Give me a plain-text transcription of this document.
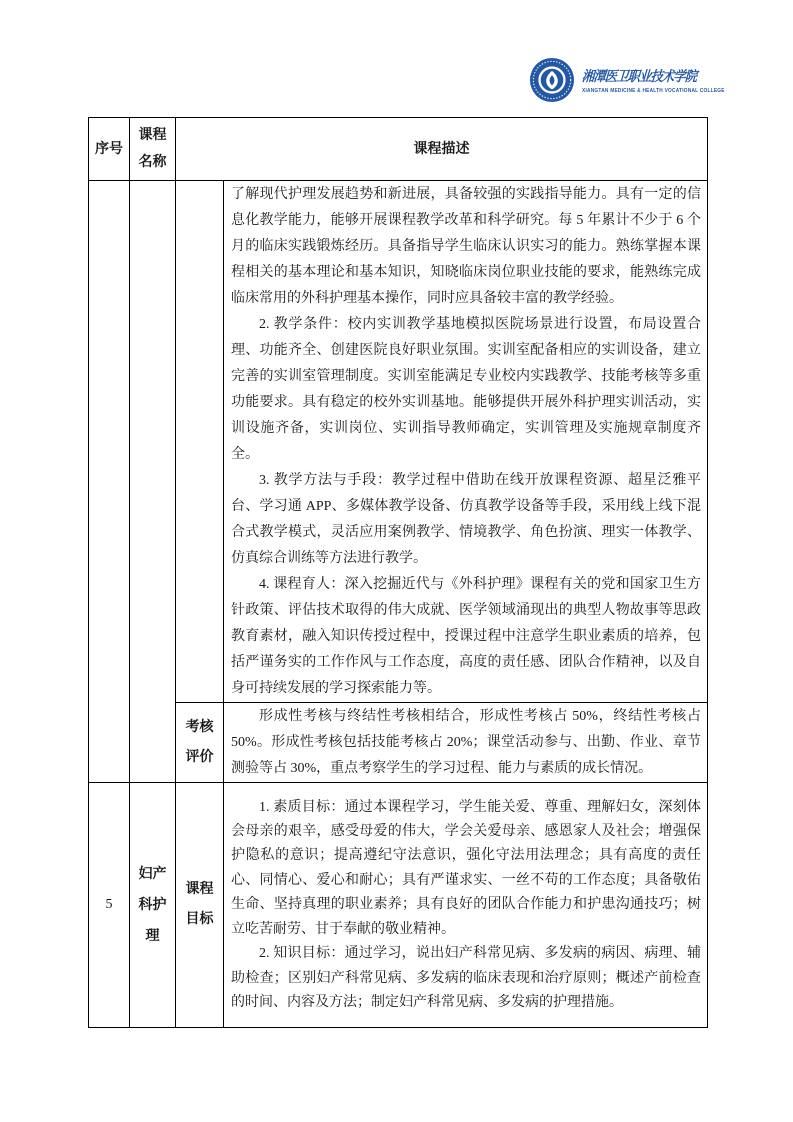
湘潭医卫职业技术学院
XIANGTAN MEDICINE & HEALTH VOCATIONAL COLLEGE
序号	课程名称	课程描述	

			了解现代护理发展趋势和新进展，具备较强的实践指导能力。具有一定的信息化教学能力，能够开展课程教学改革和科学研究。每 5 年累计不少于 6 个月的临床实践锻炼经历。具备指导学生临床认识实习的能力。熟练掌握本课程相关的基本理论和基本知识，知晓临床岗位职业技能的要求，能熟练完成临床常用的外科护理基本操作，同时应具备较丰富的教学经验。

2. 教学条件：校内实训教学基地模拟医院场景进行设置，布局设置合理、功能齐全、创建医院良好职业氛围。实训室配备相应的实训设备，建立完善的实训室管理制度。实训室能满足专业校内实践教学、技能考核等多重功能要求。具有稳定的校外实训基地。能够提供开展外科护理实训活动，实训设施齐备，实训岗位、实训指导教师确定，实训管理及实施规章制度齐全。

3. 教学方法与手段：教学过程中借助在线开放课程资源、超星泛雅平台、学习通 APP、多媒体教学设备、仿真教学设备等手段，采用线上线下混合式教学模式，灵活应用案例教学、情境教学、角色扮演、理实一体教学、仿真综合训练等方法进行教学。

4. 课程育人：深入挖掘近代与《外科护理》课程有关的党和国家卫生方针政策、评估技术取得的伟大成就、医学领域涌现出的典型人物故事等思政教育素材，融入知识传授过程中，授课过程中注意学生职业素质的培养，包括严谨务实的工作作风与工作态度，高度的责任感、团队合作精神，以及自身可持续发展的学习探索能力等。

		考核评价	形成性考核与终结性考核相结合，形成性考核占 50%，终结性考核占 50%。形成性考核包括技能考核占 20%；课堂活动参与、出勤、作业、章节测验等占 30%，重点考察学生的学习过程、能力与素质的成长情况。

5	妇产科护理	课程目标	1. 素质目标：通过本课程学习，学生能关爱、尊重、理解妇女，深刻体会母亲的艰辛，感受母爱的伟大，学会关爱母亲、感恩家人及社会；增强保护隐私的意识；提高遵纪守法意识，强化守法用法理念；具有高度的责任心、同情心、爱心和耐心；具有严谨求实、一丝不苟的工作态度；具备敬佑生命、坚持真理的职业素养；具有良好的团队合作能力和护患沟通技巧；树立吃苦耐劳、甘于奉献的敬业精神。

2. 知识目标：通过学习，说出妇产科常见病、多发病的病因、病理、辅助检查；区别妇产科常见病、多发病的临床表现和治疗原则；概述产前检查的时间、内容及方法；制定妇产科常见病、多发病的护理措施。
